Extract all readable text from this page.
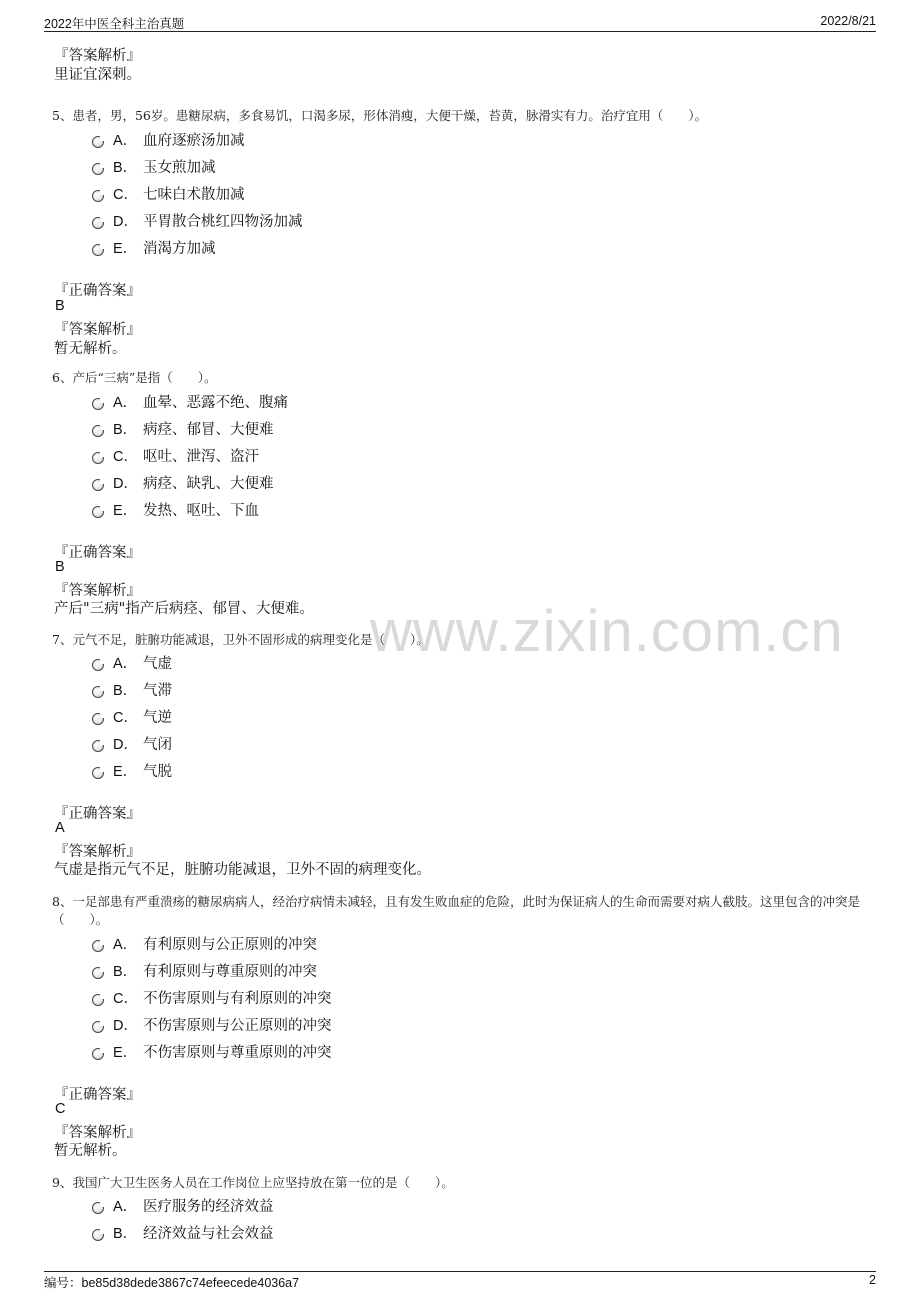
2022年中医全科主治真题	2022/8/21
www.zixin.com.cn
『答案解析』
里证宜深刺。
5、患者，男，56岁。患糖尿病，多食易饥，口渴多尿，形体消瘦，大便干燥，苔黄，脉滑实有力。治疗宜用（　　）。
A． 血府逐瘀汤加减
B． 玉女煎加减
C． 七味白术散加减
D． 平胃散合桃红四物汤加减
E． 消渴方加减
『正确答案』
B
『答案解析』
暂无解析。
6、产后“三病”是指（　　）。
A． 血晕、恶露不绝、腹痛
B． 病痉、郁冒、大便难
C． 呕吐、泄泻、盗汗
D． 病痉、缺乳、大便难
E． 发热、呕吐、下血
『正确答案』
B
『答案解析』
产后"三病"指产后病痉、郁冒、大便难。
7、元气不足，脏腑功能减退，卫外不固形成的病理变化是（　　）。
A． 气虚
B． 气滞
C． 气逆
D． 气闭
E． 气脱
『正确答案』
A
『答案解析』
气虚是指元气不足，脏腑功能减退，卫外不固的病理变化。
8、一足部患有严重溃疡的糖尿病病人，经治疗病情未减轻，且有发生败血症的危险，此时为保证病人的生命而需要对病人截肢。这里包含的冲突是（　　）。
A． 有利原则与公正原则的冲突
B． 有利原则与尊重原则的冲突
C． 不伤害原则与有利原则的冲突
D． 不伤害原则与公正原则的冲突
E． 不伤害原则与尊重原则的冲突
『正确答案』
C
『答案解析』
暂无解析。
9、我国广大卫生医务人员在工作岗位上应坚持放在第一位的是（　　）。
A． 医疗服务的经济效益
B． 经济效益与社会效益
编号：be85d38dede3867c74efeecede4036a7	2
